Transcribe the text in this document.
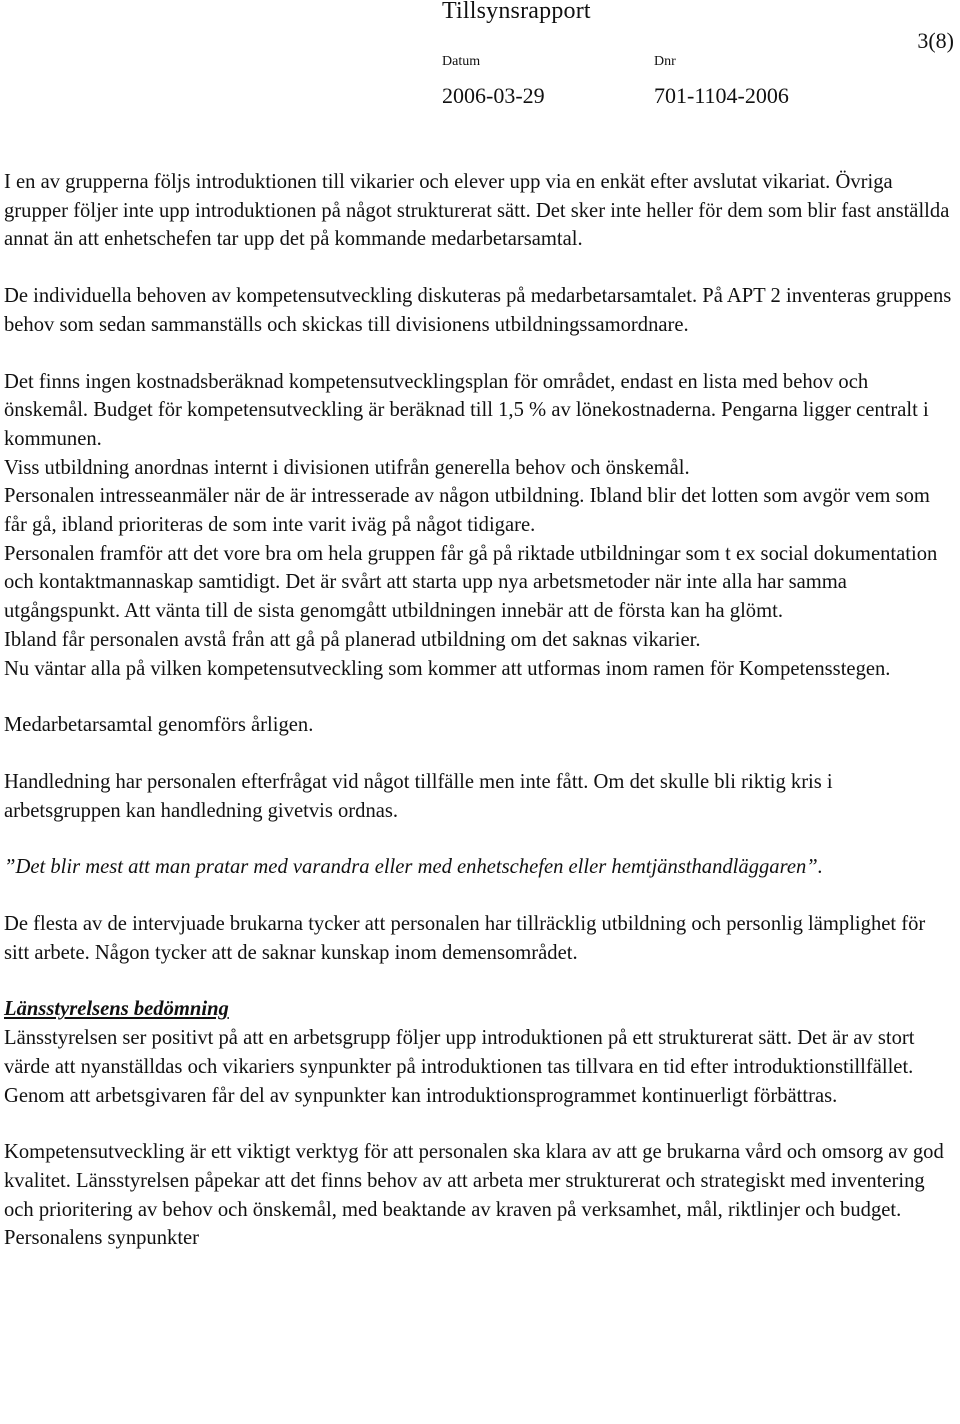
Tillsynsrapport
3(8)
Datum	Dnr
2006-03-29	701-1104-2006

I en av grupperna följs introduktionen till vikarier och elever upp via en enkät efter avslutat vikariat. Övriga grupper följer inte upp introduktionen på något strukturerat sätt. Det sker inte heller för dem som blir fast anställda annat än att enhetschefen tar upp det på kommande medarbetarsamtal.

De individuella behoven av kompetensutveckling diskuteras på medarbetarsamtalet. På APT 2 inventeras gruppens behov som sedan sammanställs och skickas till divisionens utbildningssamordnare.

Det finns ingen kostnadsberäknad kompetensutvecklingsplan för området, endast en lista med behov och önskemål. Budget för kompetensutveckling är beräknad till 1,5 % av lönekostnaderna. Pengarna ligger centralt i kommunen.

Viss utbildning anordnas internt i divisionen utifrån generella behov och önskemål.

Personalen intresseanmäler när de är intresserade av någon utbildning. Ibland blir det lotten som avgör vem som får gå, ibland prioriteras de som inte varit iväg på något tidigare.

Personalen framför att det vore bra om hela gruppen får gå på riktade utbildningar som t ex social dokumentation och kontaktmannaskap samtidigt. Det är svårt att starta upp nya arbetsmetoder när inte alla har samma utgångspunkt. Att vänta till de sista genomgått utbildningen innebär att de första kan ha glömt.

Ibland får personalen avstå från att gå på planerad utbildning om det saknas vikarier.

Nu väntar alla på vilken kompetensutveckling som kommer att utformas inom ramen för Kompetensstegen.

Medarbetarsamtal genomförs årligen.

Handledning har personalen efterfrågat vid något tillfälle men inte fått. Om det skulle bli riktig kris i arbetsgruppen kan handledning givetvis ordnas.

”Det blir mest att man pratar med varandra eller med enhetschefen eller hemtjänsthandläggaren”.

De flesta av de intervjuade brukarna tycker att personalen har tillräcklig utbildning och personlig lämplighet för sitt arbete. Någon tycker att de saknar kunskap inom demensområdet.

Länsstyrelsens bedömning

Länsstyrelsen ser positivt på att en arbetsgrupp följer upp introduktionen på ett strukturerat sätt. Det är av stort värde att nyanställdas och vikariers synpunkter på introduktionen tas tillvara en tid efter introduktionstillfället. Genom att arbetsgivaren får del av synpunkter kan introduktionsprogrammet kontinuerligt förbättras.

Kompetensutveckling är ett viktigt verktyg för att personalen ska klara av att ge brukarna vård och omsorg av god kvalitet. Länsstyrelsen påpekar att det finns behov av att arbeta mer strukturerat och strategiskt med inventering och prioritering av behov och önskemål, med beaktande av kraven på verksamhet, mål, riktlinjer och budget. Personalens synpunkter
